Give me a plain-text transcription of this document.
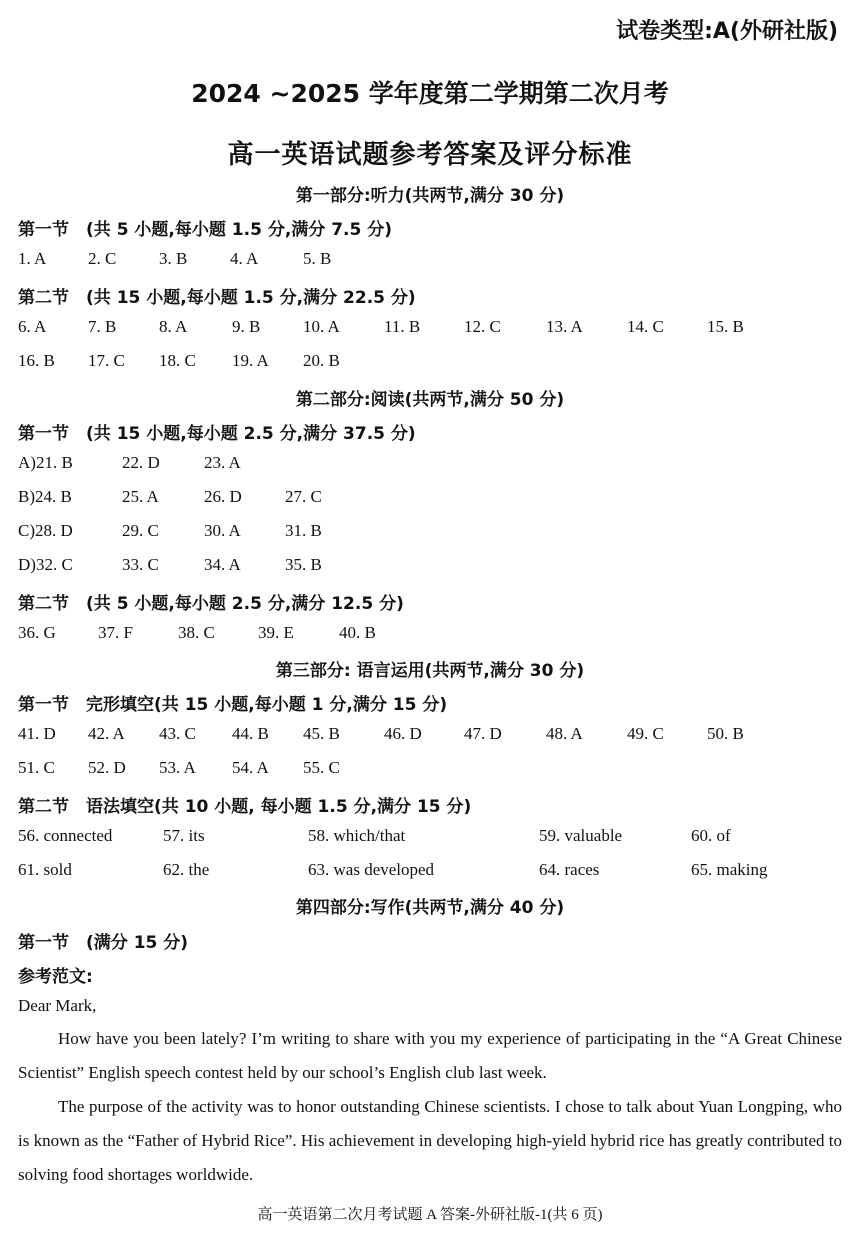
试卷类型:A(外研社版)
2024 ~2025 学年度第二学期第二次月考
高一英语试题参考答案及评分标准
第一部分:听力(共两节,满分 30 分)
第一节　(共 5 小题,每小题 1.5 分,满分 7.5 分)
1. A 2. C	3. B	4. A	5. B
第二节　(共 15 小题,每小题 1.5 分,满分 22.5 分)
6. A 7. B	8. A	9. B	10. A	11. B	12. C	13. A	14. C	15. B
16. B 17. C 18. C 19. A 20. B
第二部分:阅读(共两节,满分 50 分)
第一节　(共 15 小题,每小题 2.5 分,满分 37.5 分)
A)21. B	22. D	23. A
B)24. B	25. A	26. D	27. C
C)28. D	29. C	30. A	31. B
D)32. C	33. C	34. A	35. B
第二节　(共 5 小题,每小题 2.5 分,满分 12.5 分)
36. G 37. F	38. C	39. E	40. B
第三部分: 语言运用(共两节,满分 30 分)
第一节　完形填空(共 15 小题,每小题 1 分,满分 15 分)
41. D 42. A 43. C 44. B 45. B	46. D 47. D	48. A	49. C	50. B
51. C 52. D 53. A 54. A 55. C
第二节　语法填空(共 10 小题, 每小题 1.5 分,满分 15 分)
56. connected	57. its	58. which/that	59. valuable	60. of
61. sold	62. the	63. was developed	64. races	65. making
第四部分:写作(共两节,满分 40 分)
第一节　(满分 15 分)
参考范文:
Dear Mark,
How have you been lately? I’m writing to share with you my experience of participating in the “A Great Chinese Scientist” English speech contest held by our school’s English club last week.
The purpose of the activity was to honor outstanding Chinese scientists. I chose to talk about Yuan Longping, who is known as the “Father of Hybrid Rice”. His achievement in developing high-yield hybrid rice has greatly contributed to solving food shortages worldwide.
高一英语第二次月考试题 A 答案-外研社版-1(共 6 页)
